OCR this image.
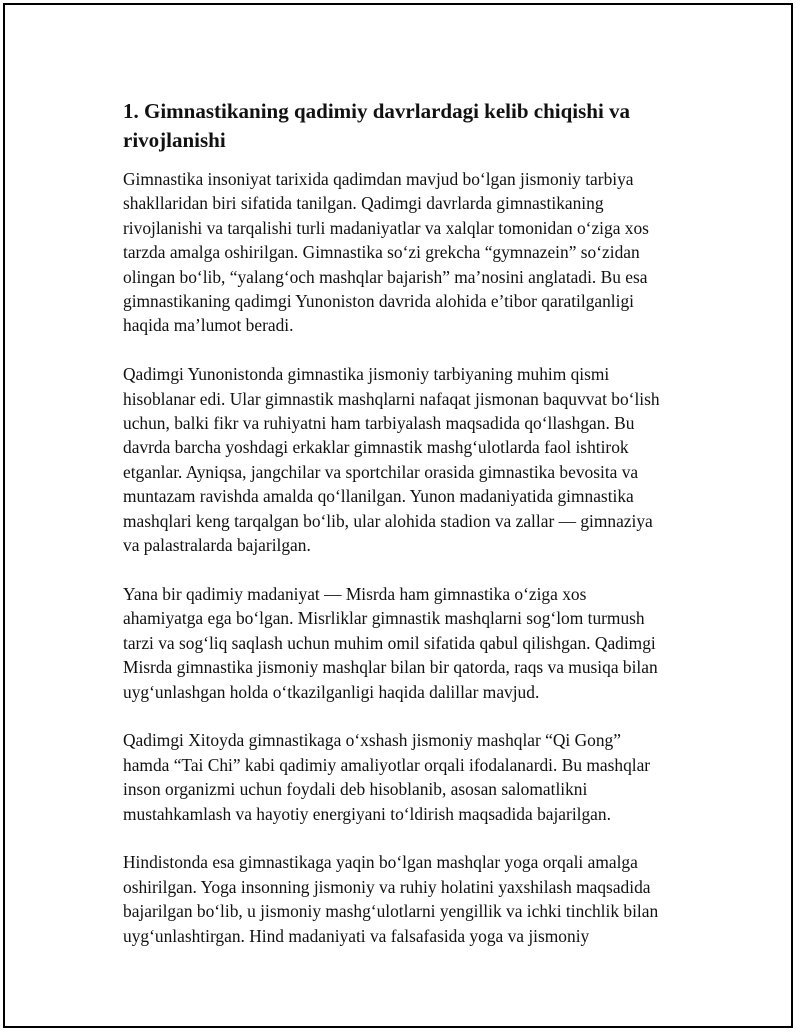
1. Gimnastikaning qadimiy davrlardagi kelib chiqishi va
rivojlanishi

Gimnastika insoniyat tarixida qadimdan mavjud bo‘lgan jismoniy tarbiya
shakllaridan biri sifatida tanilgan. Qadimgi davrlarda gimnastikaning
rivojlanishi va tarqalishi turli madaniyatlar va xalqlar tomonidan o‘ziga xos
tarzda amalga oshirilgan. Gimnastika so‘zi grekcha “gymnazein” so‘zidan
olingan bo‘lib, “yalang‘och mashqlar bajarish” ma’nosini anglatadi. Bu esa
gimnastikaning qadimgi Yunoniston davrida alohida e’tibor qaratilganligi
haqida ma’lumot beradi.

Qadimgi Yunonistonda gimnastika jismoniy tarbiyaning muhim qismi
hisoblanar edi. Ular gimnastik mashqlarni nafaqat jismonan baquvvat bo‘lish
uchun, balki fikr va ruhiyatni ham tarbiyalash maqsadida qo‘llashgan. Bu
davrda barcha yoshdagi erkaklar gimnastik mashg‘ulotlarda faol ishtirok
etganlar. Ayniqsa, jangchilar va sportchilar orasida gimnastika bevosita va
muntazam ravishda amalda qo‘llanilgan. Yunon madaniyatida gimnastika
mashqlari keng tarqalgan bo‘lib, ular alohida stadion va zallar — gimnaziya
va palastralarda bajarilgan.

Yana bir qadimiy madaniyat — Misrda ham gimnastika o‘ziga xos
ahamiyatga ega bo‘lgan. Misrliklar gimnastik mashqlarni sog‘lom turmush
tarzi va sog‘liq saqlash uchun muhim omil sifatida qabul qilishgan. Qadimgi
Misrda gimnastika jismoniy mashqlar bilan bir qatorda, raqs va musiqa bilan
uyg‘unlashgan holda o‘tkazilganligi haqida dalillar mavjud.

Qadimgi Xitoyda gimnastikaga o‘xshash jismoniy mashqlar “Qi Gong”
hamda “Tai Chi” kabi qadimiy amaliyotlar orqali ifodalanardi. Bu mashqlar
inson organizmi uchun foydali deb hisoblanib, asosan salomatlikni
mustahkamlash va hayotiy energiyani to‘ldirish maqsadida bajarilgan.

Hindistonda esa gimnastikaga yaqin bo‘lgan mashqlar yoga orqali amalga
oshirilgan. Yoga insonning jismoniy va ruhiy holatini yaxshilash maqsadida
bajarilgan bo‘lib, u jismoniy mashg‘ulotlarni yengillik va ichki tinchlik bilan
uyg‘unlashtirgan. Hind madaniyati va falsafasida yoga va jismoniy
